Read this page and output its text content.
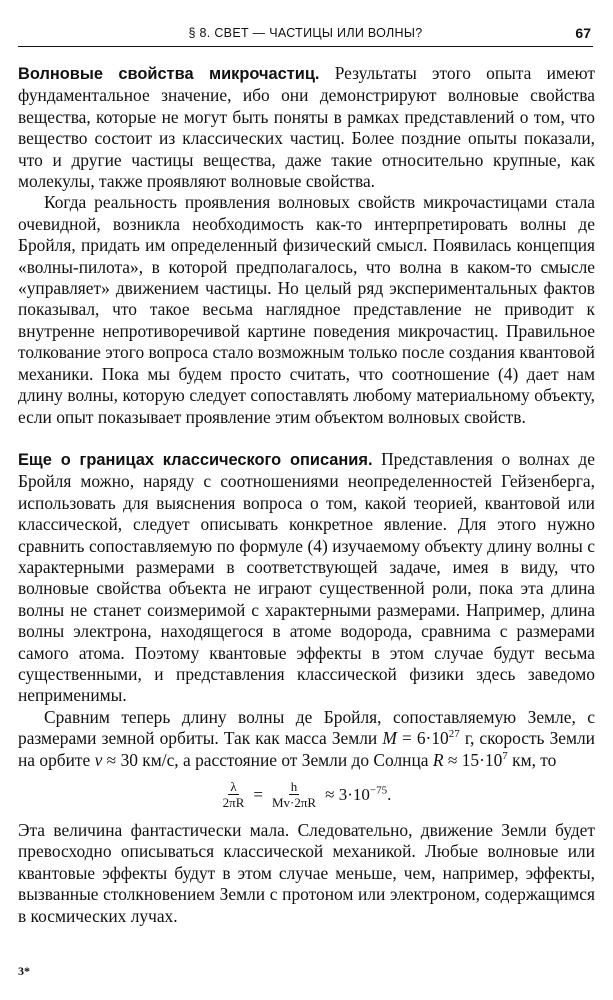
§ 8. СВЕТ — ЧАСТИЦЫ ИЛИ ВОЛНЫ?	67

Волновые свойства микрочастиц. Результаты этого опыта имеют фундаментальное значение, ибо они демонстрируют волновые свойства вещества, которые не могут быть поняты в рамках представлений о том, что вещество состоит из классических частиц. Более поздние опыты показали, что и другие частицы вещества, даже такие относительно крупные, как молекулы, также проявляют волновые свойства.

Когда реальность проявления волновых свойств микрочастицами стала очевидной, возникла необходимость как-то интерпретировать волны де Бройля, придать им определенный физический смысл. Появилась концепция «волны-пилота», в которой предполагалось, что волна в каком-то смысле «управляет» движением частицы. Но целый ряд экспериментальных фактов показывал, что такое весьма наглядное представление не приводит к внутренне непротиворечивой картине поведения микрочастиц. Правильное толкование этого вопроса стало возможным только после создания квантовой механики. Пока мы будем просто считать, что соотношение (4) дает нам длину волны, которую следует сопоставлять любому материальному объекту, если опыт показывает проявление этим объектом волновых свойств.

Еще о границах классического описания. Представления о волнах де Бройля можно, наряду с соотношениями неопределенностей Гейзенберга, использовать для выяснения вопроса о том, какой теорией, квантовой или классической, следует описывать конкретное явление. Для этого нужно сравнить сопоставляемую по формуле (4) изучаемому объекту длину волны с характерными размерами в соответствующей задаче, имея в виду, что волновые свойства объекта не играют существенной роли, пока эта длина волны не станет соизмеримой с характерными размерами. Например, длина волны электрона, находящегося в атоме водорода, сравнима с размерами самого атома. Поэтому квантовые эффекты в этом случае будут весьма существенными, и представления классической физики здесь заведомо неприменимы.

Сравним теперь длину волны де Бройля, сопоставляемую Земле, с размерами земной орбиты. Так как масса Земли $M = 6\cdot 10^{27}$ г, скорость Земли на орбите v ≈ 30 км/с, а расстояние от Земли до Солнца $R \approx 15\cdot 10^7$ км, то

$\frac{\lambda}{2\pi R} = \frac{h}{Mv\cdot 2\pi R} \approx 3\cdot 10^{-75}$.

Эта величина фантастически мала. Следовательно, движение Земли будет превосходно описываться классической механикой. Любые волновые или квантовые эффекты будут в этом случае меньше, чем, например, эффекты, вызванные столкновением Земли с протоном или электроном, содержащимся в космических лучах.

3*
